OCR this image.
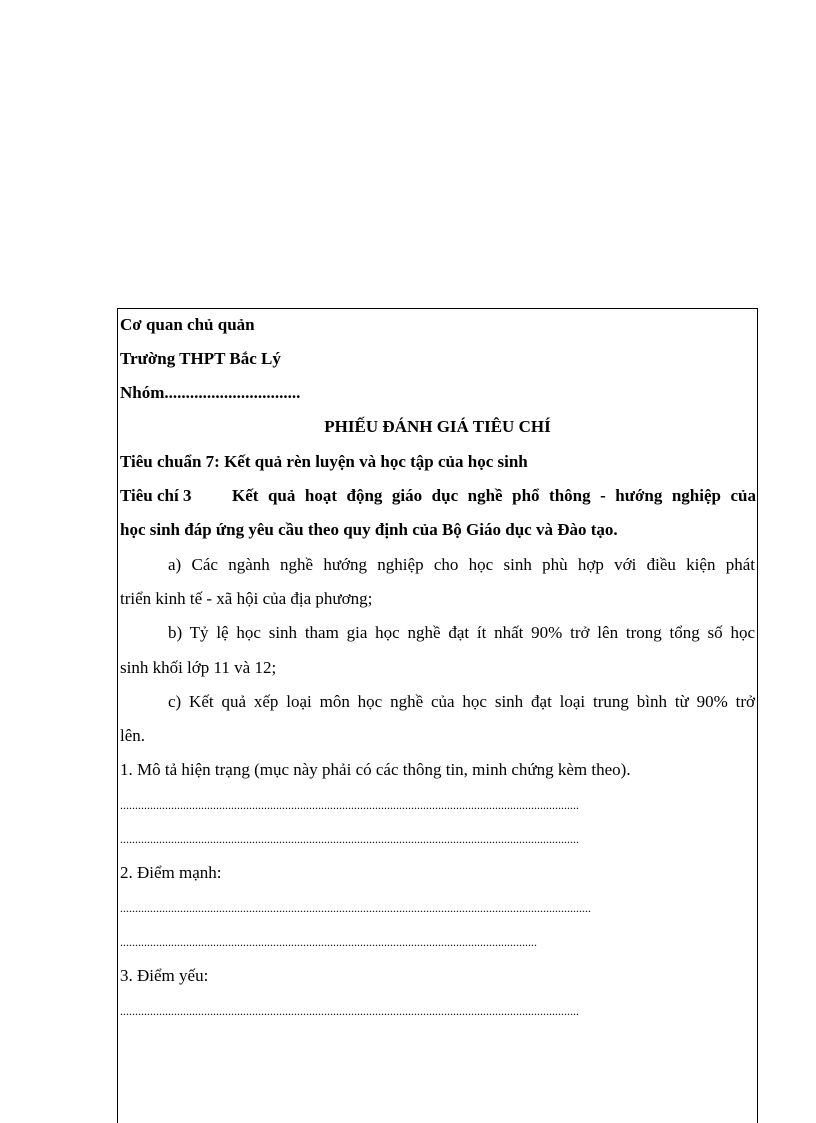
Cơ quan chủ quản
Trường THPT Bắc Lý
Nhóm................................
PHIẾU ĐÁNH GIÁ TIÊU CHÍ
Tiêu chuẩn 7: Kết quả rèn luyện và học tập của học sinh
Tiêu chí 3 Kết quả hoạt động giáo dục nghề phổ thông - hướng nghiệp của
học sinh đáp ứng yêu cầu theo quy định của Bộ Giáo dục và Đào tạo.
a) Các ngành nghề hướng nghiệp cho học sinh phù hợp với điều kiện phát
triển kinh tế - xã hội của địa phương;
b) Tỷ lệ học sinh tham gia học nghề đạt ít nhất 90% trở lên trong tổng số học
sinh khối lớp 11 và 12;
c) Kết quả xếp loại môn học nghề của học sinh đạt loại trung bình từ 90% trở
lên.
1. Mô tả hiện trạng (mục này phải có các thông tin, minh chứng kèm theo).
.........................................................................................................................................................
.........................................................................................................................................................
2. Điểm mạnh:
.............................................................................................................................................................
...........................................................................................................................................
3. Điểm yếu:
.........................................................................................................................................................
